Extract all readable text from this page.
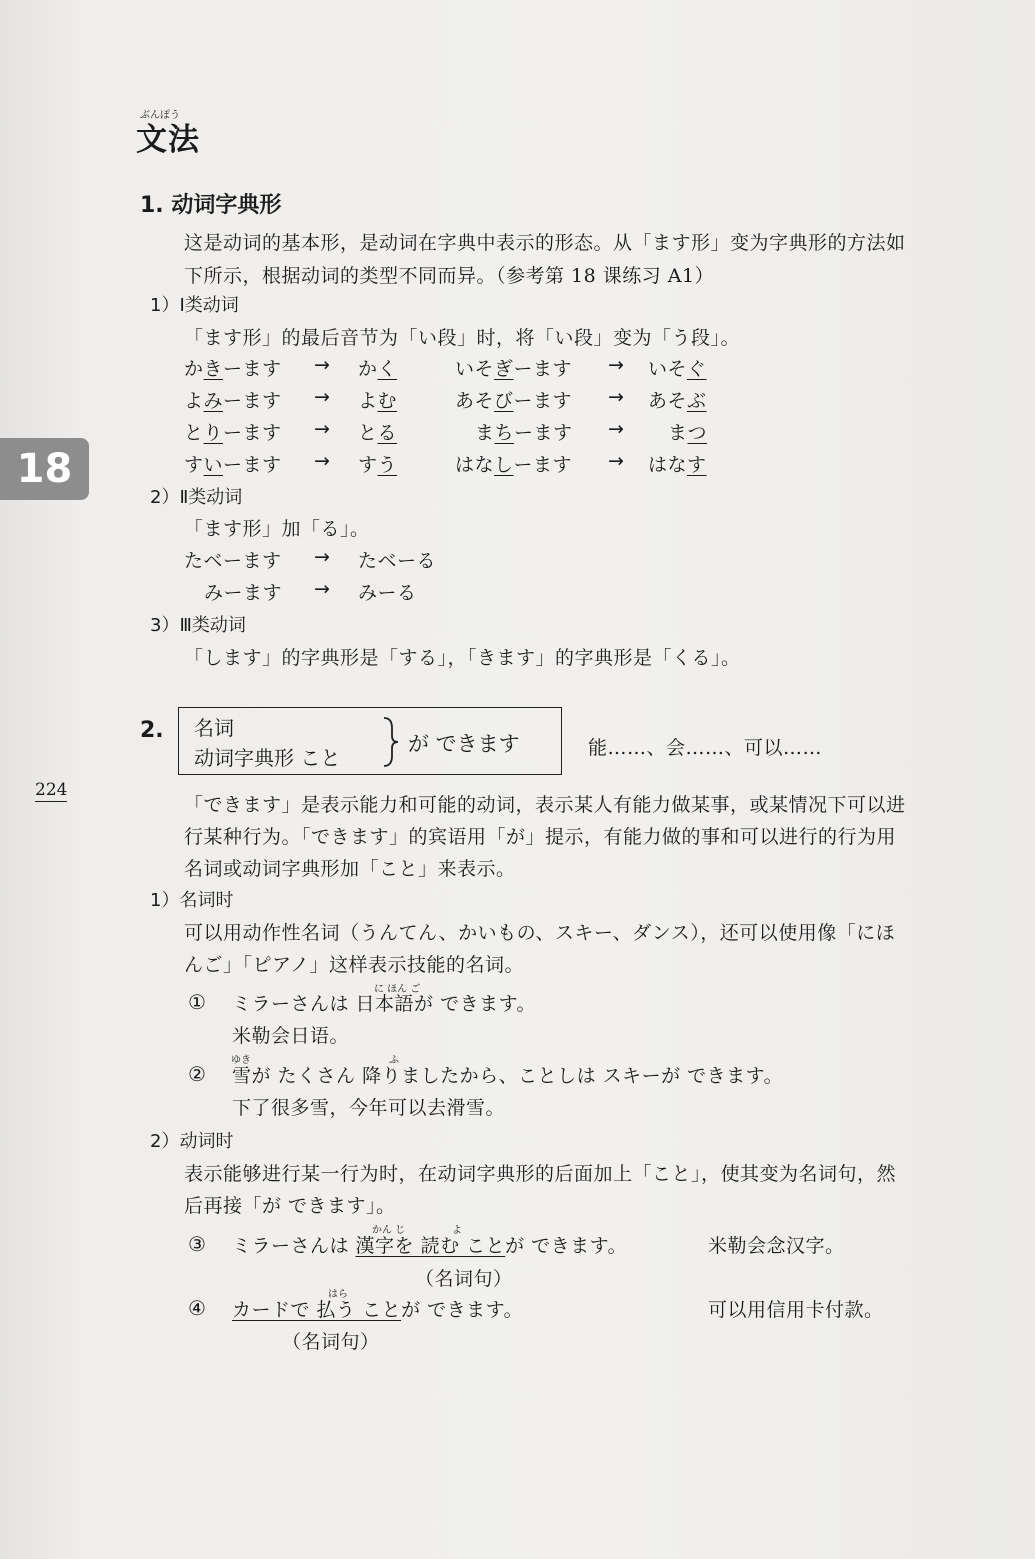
ぶんぽう
文法
18
224
1. 动词字典形
这是动词的基本形，是动词在字典中表示的形态。从「ます形」变为字典形的方法如
下所示，根据动词的类型不同而异。（参考第 18 课练习 A1）
1）Ⅰ类动词
「ます形」的最后音节为「い段」时，将「い段」变为「う段」。
かきーます → かく	いそぎーます → いそぐ
よみーます → よむ	あそびーます → あそぶ
とりーます → とる	まちーます → まつ
すいーます → すう	はなしーます → はなす
2）Ⅱ类动词
「ます形」加「る」。
たベーます → たベーる
みーます → みーる
3）Ⅲ类动词
「します」的字典形是「する」，「きます」的字典形是「くる」。
2. 名词
动词字典形 こと
が できます	能……、会……、可以……
「できます」是表示能力和可能的动词，表示某人有能力做某事，或某情况下可以进
行某种行为。「できます」的宾语用「が」提示，有能力做的事和可以进行的行为用
名词或动词字典形加「こと」来表示。
1）名词时
可以用动作性名词（うんてん、かいもの、スキー、ダンス），还可以使用像「にほ
んご」「ピアノ」这样表示技能的名词。
①
に ほん ご
ミラーさんは 日本語が できます。
米勒会日语。
②
ゆき	ふ
雪が たくさん 降りましたから、ことしは スキーが できます。
下了很多雪，今年可以去滑雪。
2）动词时
表示能够进行某一行为时，在动词字典形的后面加上「こと」，使其变为名词句，然
后再接「が できます」。
③
かん じ	よ
ミラーさんは 漢字を 読む ことが できます。	米勒会念汉字。
（名词句）
④
はら
カードで 払う ことが できます。	可以用信用卡付款。
（名词句）
